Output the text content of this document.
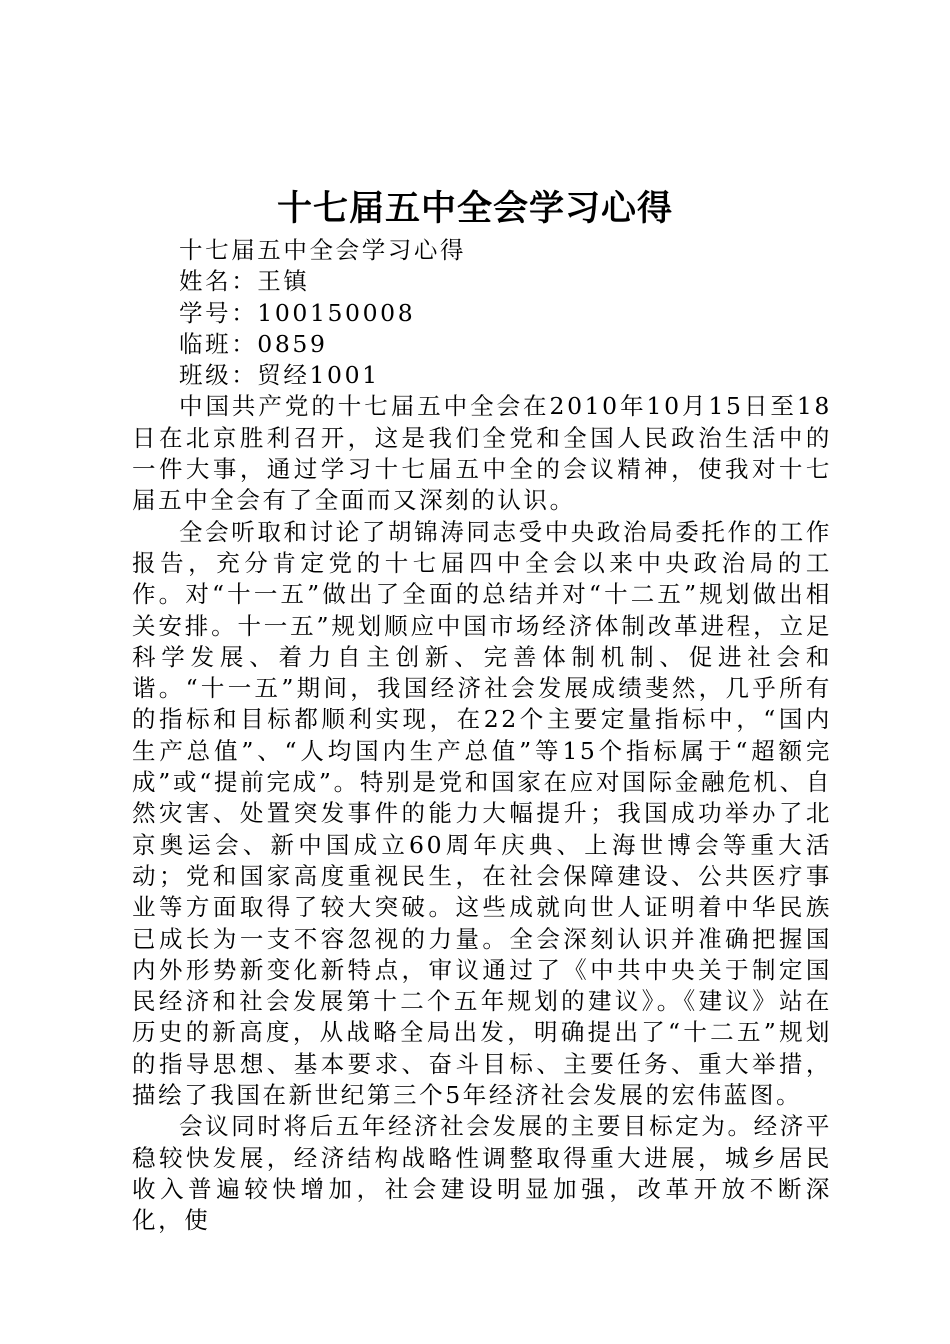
十七届五中全会学习心得

十七届五中全会学习心得

姓名：王镇

学号：100150008

临班：0859

班级：贸经1001

中国共产党的十七届五中全会在2010年10月15日至18日在北京胜利召开，这是我们全党和全国人民政治生活中的一件大事，通过学习十七届五中全的会议精神，使我对十七届五中全会有了全面而又深刻的认识。

全会听取和讨论了胡锦涛同志受中央政治局委托作的工作报告，充分肯定党的十七届四中全会以来中央政治局的工作。对“十一五”做出了全面的总结并对“十二五”规划做出相关安排。十一五”规划顺应中国市场经济体制改革进程，立足科学发展、着力自主创新、完善体制机制、促进社会和谐。“十一五”期间，我国经济社会发展成绩斐然，几乎所有的指标和目标都顺利实现，在22个主要定量指标中，“国内生产总值”、“人均国内生产总值”等15个指标属于“超额完成”或“提前完成”。特别是党和国家在应对国际金融危机、自然灾害、处置突发事件的能力大幅提升；我国成功举办了北京奥运会、新中国成立60周年庆典、上海世博会等重大活动；党和国家高度重视民生，在社会保障建设、公共医疗事业等方面取得了较大突破。这些成就向世人证明着中华民族已成长为一支不容忽视的力量。全会深刻认识并准确把握国内外形势新变化新特点，审议通过了《中共中央关于制定国民经济和社会发展第十二个五年规划的建议》。《建议》站在历史的新高度，从战略全局出发，明确提出了“十二五”规划的指导思想、基本要求、奋斗目标、主要任务、重大举措，描绘了我国在新世纪第三个5年经济社会发展的宏伟蓝图。

会议同时将后五年经济社会发展的主要目标定为。经济平稳较快发展，经济结构战略性调整取得重大进展，城乡居民收入普遍较快增加，社会建设明显加强，改革开放不断深化，使
